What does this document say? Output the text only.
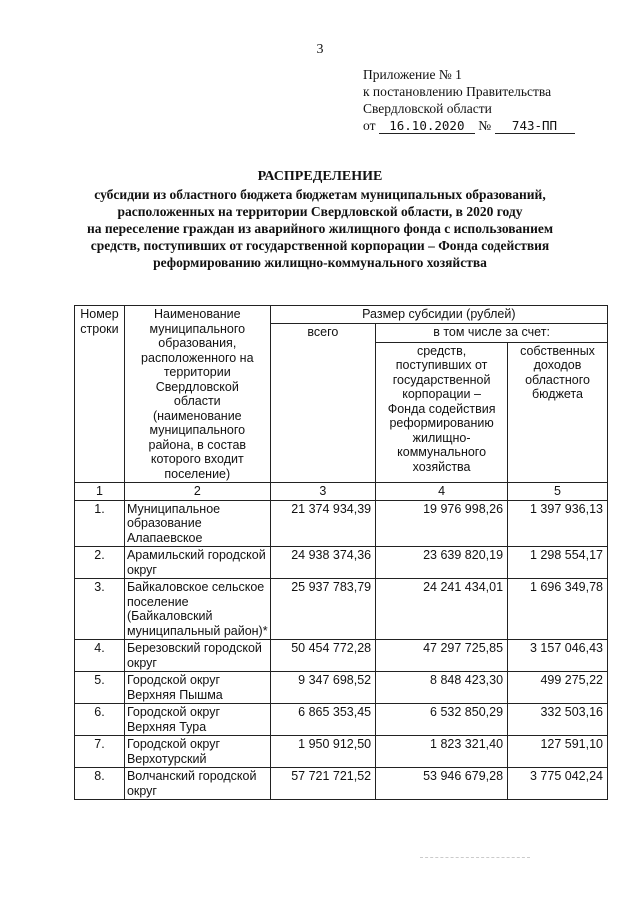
3
Приложение № 1
к постановлению Правительства
Свердловской области
от 16.10.2020 № 743-ПП
РАСПРЕДЕЛЕНИЕ
субсидии из областного бюджета бюджетам муниципальных образований,
расположенных на территории Свердловской области, в 2020 году
на переселение граждан из аварийного жилищного фонда с использованием
средств, поступивших от государственной корпорации – Фонда содействия
реформированию жилищно-коммунального хозяйства
Номер строки	Наименование муниципального образования, расположенного на территории Свердловской области (наименование муниципального района, в состав которого входит поселение)	Размер субсидии (рублей)		
		всего	в том числе за счет:	
			средств, поступивших от государственной корпорации – Фонда содействия реформированию жилищно-коммунального хозяйства	собственных доходов областного бюджета
1	2	3	4	5
1.	Муниципальное образование Алапаевское	21 374 934,39	19 976 998,26	1 397 936,13
2.	Арамильский городской округ	24 938 374,36	23 639 820,19	1 298 554,17
3.	Байкаловское сельское поселение (Байкаловский муниципальный район)*	25 937 783,79	24 241 434,01	1 696 349,78
4.	Березовский городской округ	50 454 772,28	47 297 725,85	3 157 046,43
5.	Городской округ Верхняя Пышма	9 347 698,52	8 848 423,30	499 275,22
6.	Городской округ Верхняя Тура	6 865 353,45	6 532 850,29	332 503,16
7.	Городской округ Верхотурский	1 950 912,50	1 823 321,40	127 591,10
8.	Волчанский городской округ	57 721 721,52	53 946 679,28	3 775 042,24
